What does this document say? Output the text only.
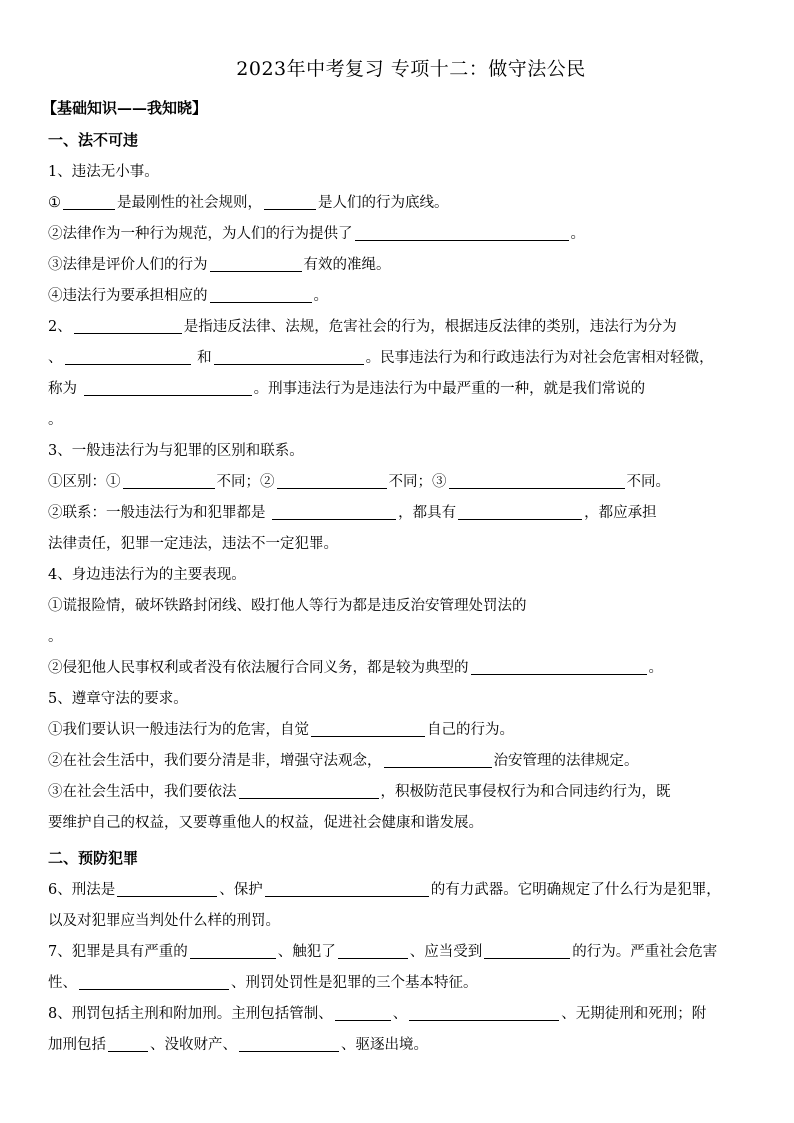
2023年中考复习 专项十二：做守法公民
【基础知识——我知晓】
一、法不可违
1、违法无小事。
①	是最刚性的社会规则，	是人们的行为底线。
②法律作为一种行为规范，为人们的行为提供了	。
③法律是评价人们的行为	有效的准绳。
④违法行为要承担相应的	。
2、	是指违反法律、法规，危害社会的行为，根据违反法律的类别，违法行为分为
、	和	。民事违法行为和行政违法行为对社会危害相对轻微，
称为	。刑事违法行为是违法行为中最严重的一种，就是我们常说的
。
3、一般违法行为与犯罪的区别和联系。
①区别：①	不同；②	不同；③	不同。
②联系：一般违法行为和犯罪都是	，都具有	，都应承担
法律责任，犯罪一定违法，违法不一定犯罪。
4、身边违法行为的主要表现。
①谎报险情，破坏铁路封闭线、殴打他人等行为都是违反治安管理处罚法的
。
②侵犯他人民事权利或者没有依法履行合同义务，都是较为典型的	。
5、遵章守法的要求。
①我们要认识一般违法行为的危害，自觉	自己的行为。
②在社会生活中，我们要分清是非，增强守法观念，	治安管理的法律规定。
③在社会生活中，我们要依法	，积极防范民事侵权行为和合同违约行为，既
要维护自己的权益，又要尊重他人的权益，促进社会健康和谐发展。
二、预防犯罪
6、刑法是	、保护	的有力武器。它明确规定了什么行为是犯罪，
以及对犯罪应当判处什么样的刑罚。
7、犯罪是具有严重的	、触犯了	、应当受到	的行为。严重社会危害
性、	、刑罚处罚性是犯罪的三个基本特征。
8、刑罚包括主刑和附加刑。主刑包括管制、	、	、无期徒刑和死刑；附
加刑包括	、没收财产、	、驱逐出境。
